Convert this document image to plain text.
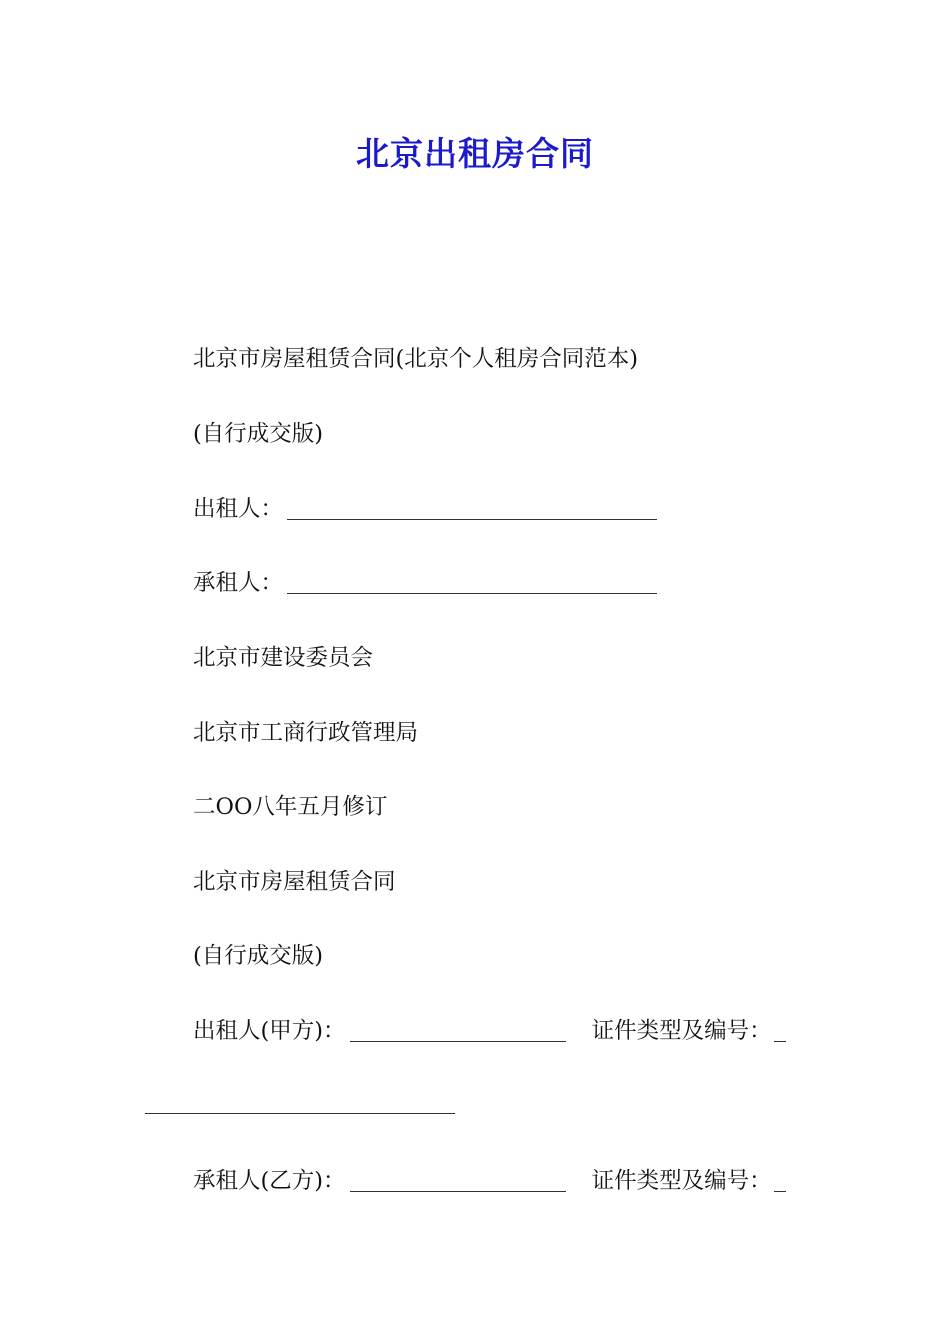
北京出租房合同
北京市房屋租赁合同(北京个人租房合同范本)
(自行成交版)
出租人：
承租人：
北京市建设委员会
北京市工商行政管理局
二OO八年五月修订
北京市房屋租赁合同
(自行成交版)
出租人(甲方)：	证件类型及编号：
承租人(乙方)：	证件类型及编号：
